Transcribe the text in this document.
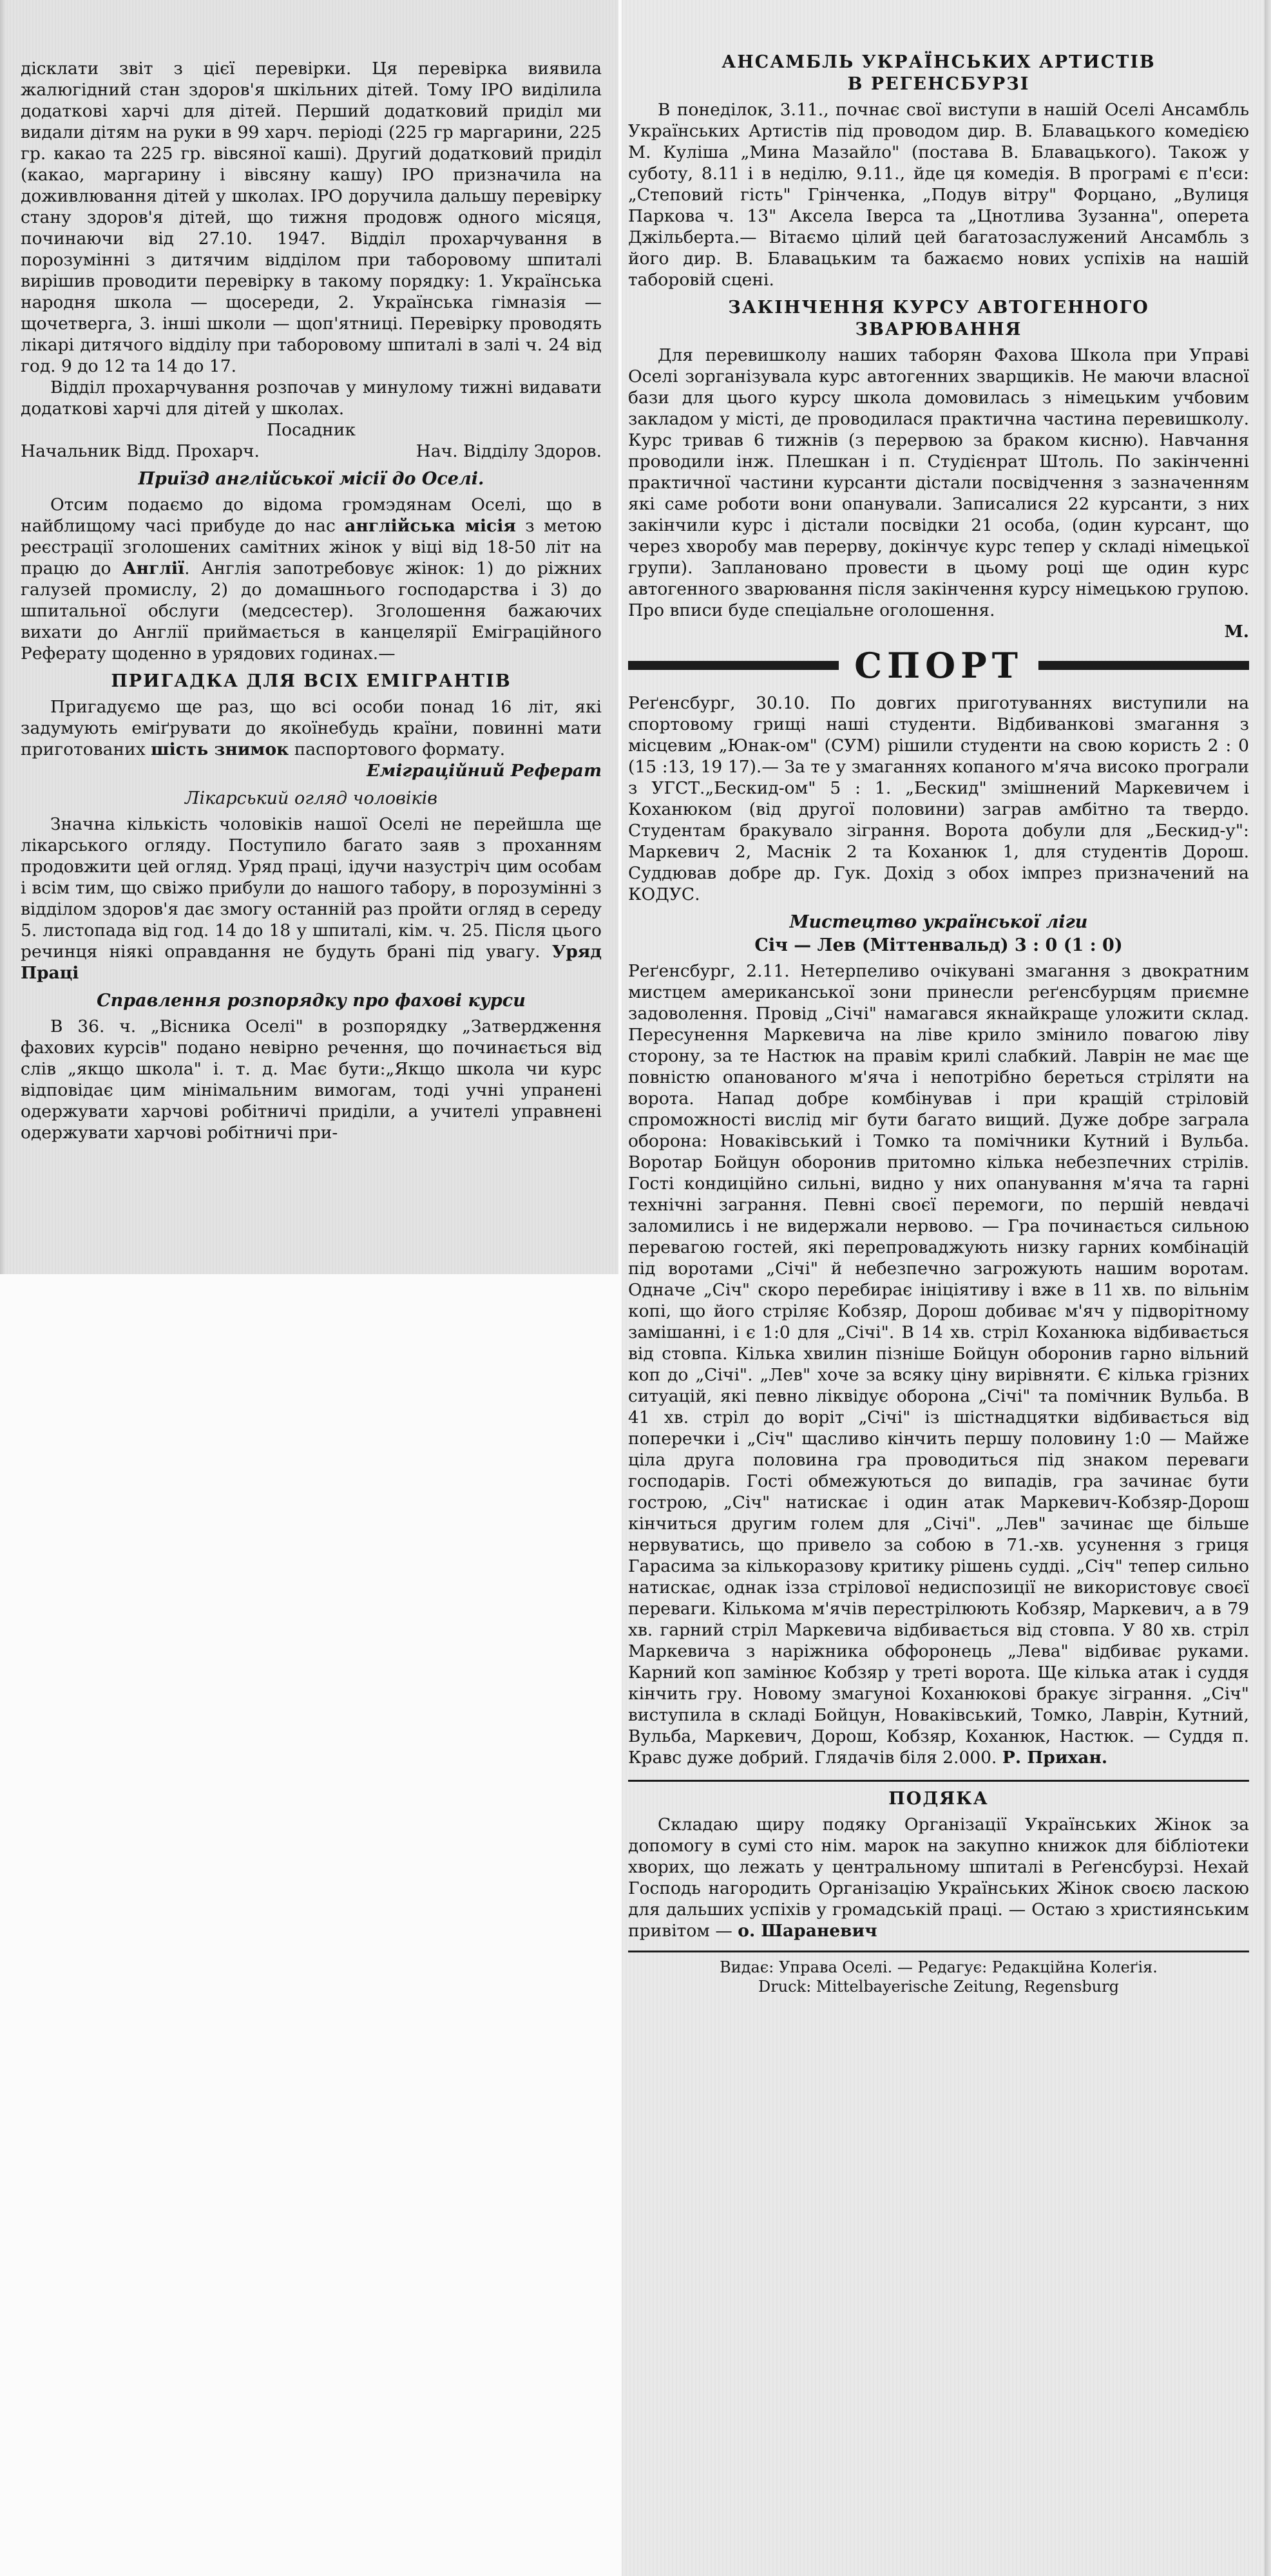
дісклати звіт з цієї перевірки. Ця перевірка виявила жалюгідний стан здоров'я шкільних дітей. Тому ІРО виділила додаткові харчі для дітей. Перший додатковий приділ ми видали дітям на руки в 99 харч. періоді (225 гр маргарини, 225 гр. какао та 225 гр. вівсяної каші). Другий додатковий приділ (какао, маргарину і вівсяну кашу) ІРО призначила на доживлювання дітей у школах. ІРО доручила дальшу перевірку стану здоров'я дітей, що тижня продовж одного місяця, починаючи від 27.10. 1947. Відділ прохарчування в порозумінні з дитячим відділом при таборовому шпиталі вирішив проводити перевірку в такому порядку: 1. Українська народня школа — щосереди, 2. Українська гімназія — щочетверга, 3. інші школи — щоп'ятниці. Перевірку проводять лікарі дитячого відділу при таборовому шпиталі в залі ч. 24 від год. 9 до 12 та 14 до 17.

Відділ прохарчування розпочав у минулому тижні видавати додаткові харчі для дітей у школах.

Посадник

Начальник Відд. Прохарч.	Нач. Відділу Здоров.
Приїзд англійської місії до Оселі.

Отсим подаємо до відома громэдянам Оселі, що в найблищому часі прибуде до нас англійська місія з метою реєстрації зголошених самітних жінок у віці від 18-50 літ на працю до Англії. Англія запотребовує жінок: 1) до ріжних галузей промислу, 2) до домашнього господарства і 3) до шпитальної обслуги (медсестер). Зголошення бажаючих вихати до Англії приймається в канцелярії Еміграційного Реферату щоденно в урядових годинах.—

ПРИГАДКА ДЛЯ ВСІХ ЕМІГРАНТІВ

Пригадуємо ще раз, що всі особи понад 16 літ, які задумують еміґрувати до якоїнебудь країни, повинні мати приготованих шість знимок паспортового формату.

Еміграційний Реферат

Лікарський огляд чоловіків

Значна кількість чоловіків нашої Оселі не перейшла ще лікарського огляду. Поступило багато заяв з проханням продовжити цей огляд. Уряд праці, ідучи назустріч цим особам і всім тим, що свіжо прибули до нашого табору, в порозумінні з відділом здоров'я дає змогу останній раз пройти огляд в середу 5. листопада від год. 14 до 18 у шпиталі, кім. ч. 25. Після цього речинця ніякі оправдання не будуть брані під увагу. Уряд Праці

Справлення розпорядку про фахові курси

В 36. ч. „Вісника Оселі" в розпорядку „Затвердження фахових курсів" подано невірно речення, що починається від слів „якщо школа" і. т. д. Має бути:„Якщо школа чи курс відповідає цим мінімальним вимогам, тоді учні упранені одержувати харчові робітничі приділи, а учителі управнені одержувати харчові робітничі при-

АНСАМБЛЬ УКРАЇНСЬКИХ АРТИСТІВ
В РЕГЕНСБУРЗІ

В понеділок, 3.11., почнає свої виступи в нашій Оселі Ансамбль Українських Артистів під проводом дир. В. Блавацького комедією М. Куліша „Мина Мазайло" (постава В. Блавацького). Також у суботу, 8.11 і в неділю, 9.11., йде ця комедія. В програмі є п'єси: „Степовий гість" Грінченка, „Подув вітру" Форцано, „Вулиця Паркова ч. 13" Аксела Іверса та „Цнотлива Зузанна", оперета Джільберта.— Вітаємо цілий цей багатозаслужений Ансамбль з його дир. В. Блавацьким та бажаємо нових успіхів на нашій таборовій сцені.

ЗАКІНЧЕННЯ КУРСУ АВТОГЕННОГО
ЗВАРЮВАННЯ

Для перевишколу наших таборян Фахова Школа при Управі Оселі зорганізувала курс автогенних зварщиків. Не маючи власної бази для цього курсу школа домовилась з німецьким учбовим закладом у місті, де проводилася практична частина перевишколу. Курс тривав 6 тижнів (з перервою за браком кисню). Навчання проводили інж. Плешкан і п. Студієнрат Штоль. По закінченні практичної частини курсанти дістали посвідчення з зазначенням які саме роботи вони опанували. Записалися 22 курсанти, з них закінчили курс і дістали посвідки 21 особа, (один курсант, що через хворобу мав перерву, докінчує курс тепер у складі німецької групи). Заплановано провести в цьому році ще один курс автогенного зварювання після закінчення курсу німецькою групою. Про вписи буде спеціальне оголошення.

М.

СПОРТ

Реґенсбург, 30.10. По довгих приготуваннях виступили на спортовому грищі наші студенти. Відбиванкові змагання з місцевим „Юнак-ом" (СУМ) рішили студенти на свою користь 2 : 0 (15 :13, 19 17).— За те у змаганнях копаного м'яча високо програли з УГСТ.„Бескид-ом" 5 : 1. „Бескид" змішнений Маркевичем і Коханюком (від другої половини) заграв амбітно та твердо. Студентам бракувало зіграння. Ворота добули для „Бескид-у": Маркевич 2, Маснік 2 та Коханюк 1, для студентів Дорош. Суддював добре др. Гук. Дохід з обох імпрез призначений на КОДУС.

Мистецтво української ліги
Січ — Лев (Міттенвальд) 3 : 0 (1 : 0)

Реґенсбург, 2.11. Нетерпеливо очікувані змагання з двократним мистцем американської зони принесли реґенсбурцям приємне задоволення. Провід „Січі" намагався якнайкраще уложити склад. Пересунення Маркевича на ліве крило змінило повагою ліву сторону, за те Настюк на правім крилі слабкий. Лаврін не має ще повністю опанованого м'яча і непотрібно береться стріляти на ворота. Напад добре комбінував і при кращій стріловій спроможності вислід міг бути багато вищий. Дуже добре заграла оборона: Новаківський і Томко та помічники Кутний і Вульба. Воротар Бойцун оборонив притомно кілька небезпечних стрілів. Гості кондиційно сильні, видно у них опанування м'яча та гарні технічні заграння. Певні своєї перемоги, по першій невдачі заломились і не видержали нервово. — Гра починається сильною перевагою гостей, які перепроваджують низку гарних комбінацій під воротами „Січі" й небезпечно загрожують нашим воротам. Одначе „Січ" скоро перебирає ініціятиву і вже в 11 хв. по вільнім копі, що його стріляє Кобзяр, Дорош добиває м'яч у підворітному замішанні, і є 1:0 для „Січі". В 14 хв. стріл Коханюка відбивається від стовпа. Кілька хвилин пізніше Бойцун оборонив гарно вільний коп до „Січі". „Лев" хоче за всяку ціну вирівняти. Є кілька грізних ситуацій, які певно ліквідує оборона „Січі" та помічник Вульба. В 41 хв. стріл до воріт „Січі" із шістнадцятки відбивається від поперечки і „Січ" щасливо кінчить першу половину 1:0 — Майже ціла друга половина гра проводиться під знаком переваги господарів. Гості обмежуються до випадів, гра зачинає бути гострою, „Січ" натискає і один атак Маркевич-Кобзяр-Дорош кінчиться другим голем для „Січі". „Лев" зачинає ще більше нервуватись, що привело за собою в 71.-хв. усунення з гриця Гарасима за кількоразову критику рішень судді. „Січ" тепер сильно натискає, однак ізза стрілової недиспозиції не використовує своєї переваги. Кількома м'ячів перестрілюють Кобзяр, Маркевич, а в 79 хв. гарний стріл Маркевича відбивається від стовпа. У 80 хв. стріл Маркевича з наріжника обфоронець „Лева" відбиває руками. Карний коп замінює Кобзяр у треті ворота. Ще кілька атак і суддя кінчить гру. Новому змагуноі Коханюкові бракує зіграння. „Січ" виступила в складі Бойцун, Новаківський, Томко, Лаврін, Кутний, Вульба, Маркевич, Дорош, Кобзяр, Коханюк, Настюк. — Суддя п. Кравс дуже добрий. Глядачів біля 2.000. Р. Прихан.

ПОДЯКА

Складаю щиру подяку Організації Українських Жінок за допомогу в сумі сто нім. марок на закупно книжок для бібліотеки хворих, що лежать у центральному шпиталі в Реґенсбурзі. Нехай Господь нагородить Організацію Українських Жінок своєю ласкою для дальших успіхів у громадській праці. — Остаю з християнським привітом — о. Шараневич

Видає: Управа Оселі. — Редагує: Редакційна Колеґія.

Druck: Mittelbayerische Zeitung, Regensburg
